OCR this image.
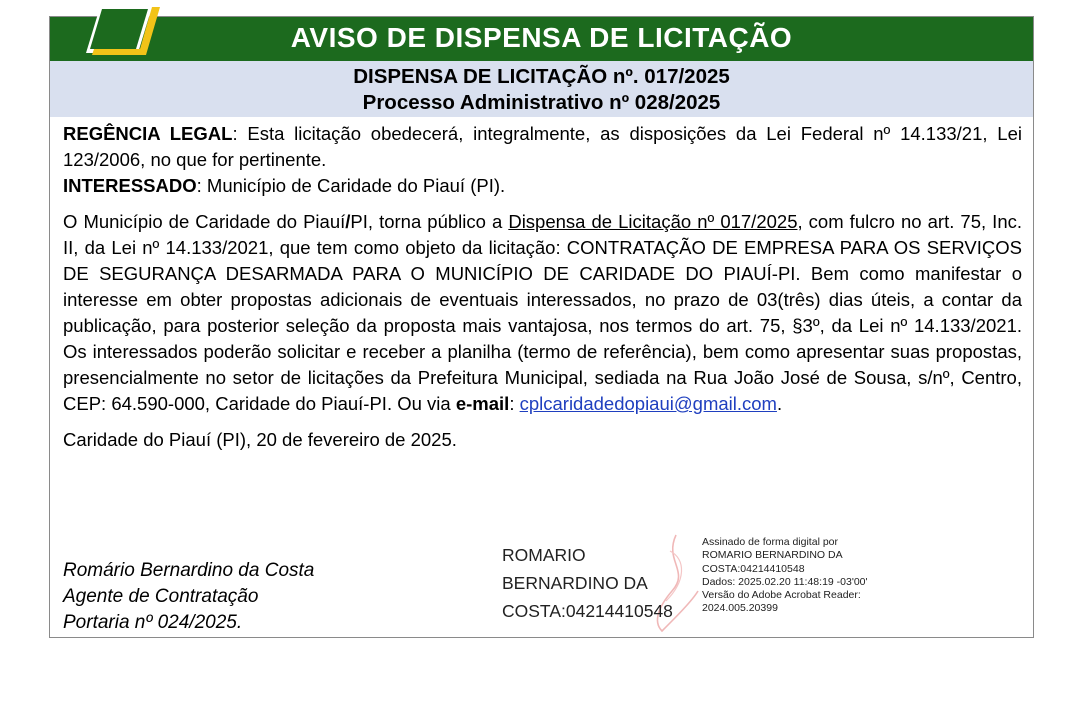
AVISO DE DISPENSA DE LICITAÇÃO
DISPENSA DE LICITAÇÃO nº. 017/2025
Processo Administrativo nº 028/2025

REGÊNCIA LEGAL: Esta licitação obedecerá, integralmente, as disposições da Lei Federal nº 14.133/21, Lei 123/2006, no que for pertinente.

INTERESSADO: Município de Caridade do Piauí (PI).

O Município de Caridade do Piauí/PI, torna público a Dispensa de Licitação nº 017/2025, com fulcro no art. 75, Inc. II, da Lei nº 14.133/2021, que tem como objeto da licitação: CONTRATAÇÃO DE EMPRESA PARA OS SERVIÇOS DE SEGURANÇA DESARMADA PARA O MUNICÍPIO DE CARIDADE DO PIAUÍ-PI. Bem como manifestar o interesse em obter propostas adicionais de eventuais interessados, no prazo de 03(três) dias úteis, a contar da publicação, para posterior seleção da proposta mais vantajosa, nos termos do art. 75, §3º, da Lei nº 14.133/2021. Os interessados poderão solicitar e receber a planilha (termo de referência), bem como apresentar suas propostas, presencialmente no setor de licitações da Prefeitura Municipal, sediada na Rua João José de Sousa, s/nº, Centro, CEP: 64.590-000, Caridade do Piauí-PI. Ou via e-mail: cplcaridadedopiaui@gmail.com.

Caridade do Piauí (PI), 20 de fevereiro de 2025.

Romário Bernardino da Costa
Agente de Contratação
Portaria nº 024/2025.
ROMARIO
BERNARDINO DA
COSTA:04214410548
Assinado de forma digital por
ROMARIO BERNARDINO DA
COSTA:04214410548
Dados: 2025.02.20 11:48:19 -03'00'
Versão do Adobe Acrobat Reader:
2024.005.20399
